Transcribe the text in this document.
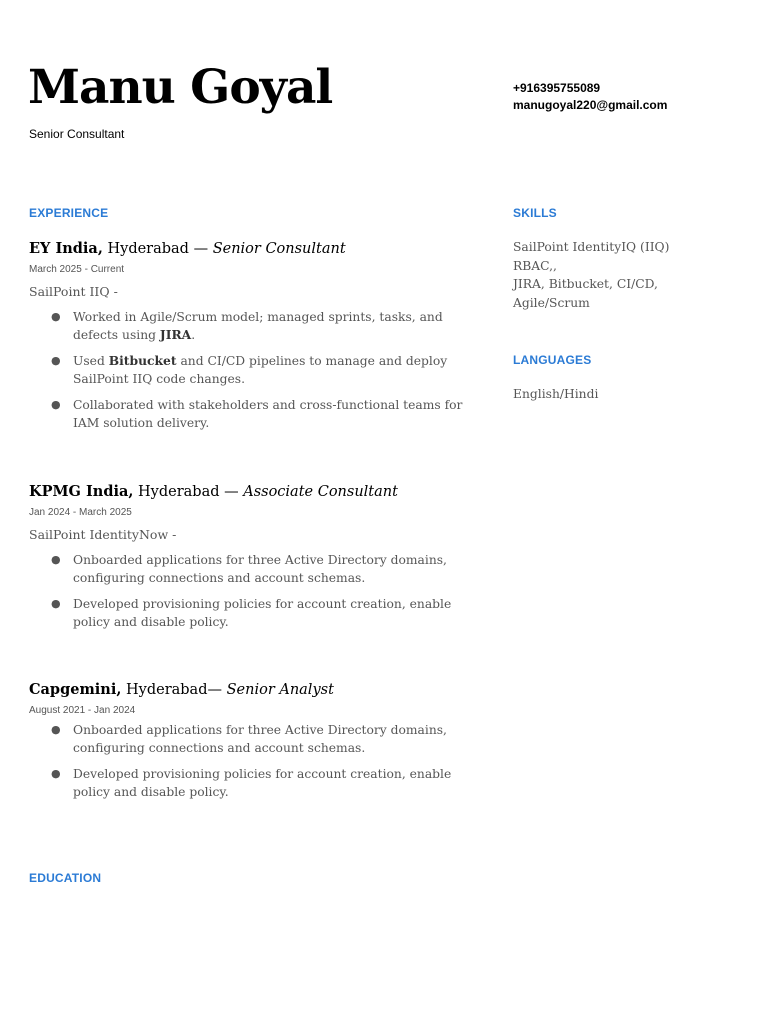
Manu Goyal
Senior Consultant
+916395755089
manugoyal220@gmail.com
EXPERIENCE
EY India, Hyderabad — Senior Consultant
March 2025 - Current
SailPoint IIQ -
● Worked in Agile/Scrum model; managed sprints, tasks, and defects using JIRA.
● Used Bitbucket and CI/CD pipelines to manage and deploy SailPoint IIQ code changes.
● Collaborated with stakeholders and cross-functional teams for IAM solution delivery.
KPMG India, Hyderabad — Associate Consultant
Jan 2024 - March 2025
SailPoint IdentityNow -
● Onboarded applications for three Active Directory domains, configuring connections and account schemas.
● Developed provisioning policies for account creation, enable policy and disable policy.
Capgemini, Hyderabad— Senior Analyst
August 2021 - Jan 2024
● Onboarded applications for three Active Directory domains, configuring connections and account schemas.
● Developed provisioning policies for account creation, enable policy and disable policy.
EDUCATION
SKILLS
SailPoint IdentityIQ (IIQ)
RBAC,,
JIRA, Bitbucket, CI/CD,
Agile/Scrum
LANGUAGES
English/Hindi
